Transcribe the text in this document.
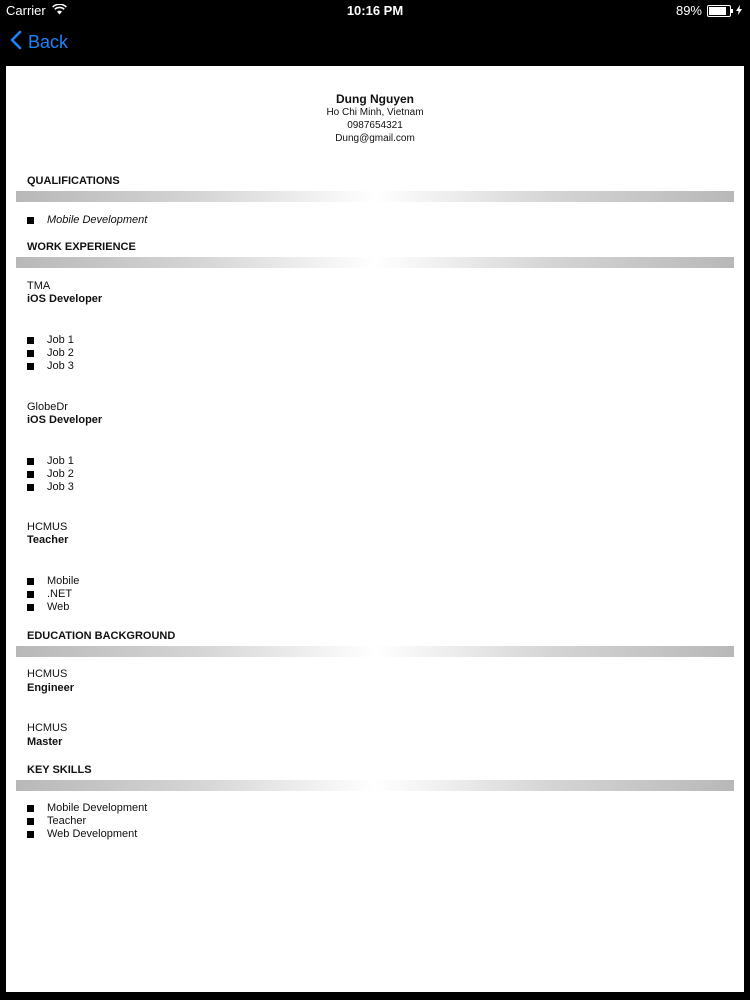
Carrier	10:16 PM	89%
Back
Dung Nguyen
Ho Chi Minh, Vietnam
0987654321
Dung@gmail.com
QUALIFICATIONS
Mobile Development
WORK EXPERIENCE
TMA
iOS Developer
Job 1
Job 2
Job 3
GlobeDr
iOS Developer
Job 1
Job 2
Job 3
HCMUS
Teacher
Mobile
.NET
Web
EDUCATION BACKGROUND
HCMUS
Engineer
HCMUS
Master
KEY SKILLS
Mobile Development
Teacher
Web Development
